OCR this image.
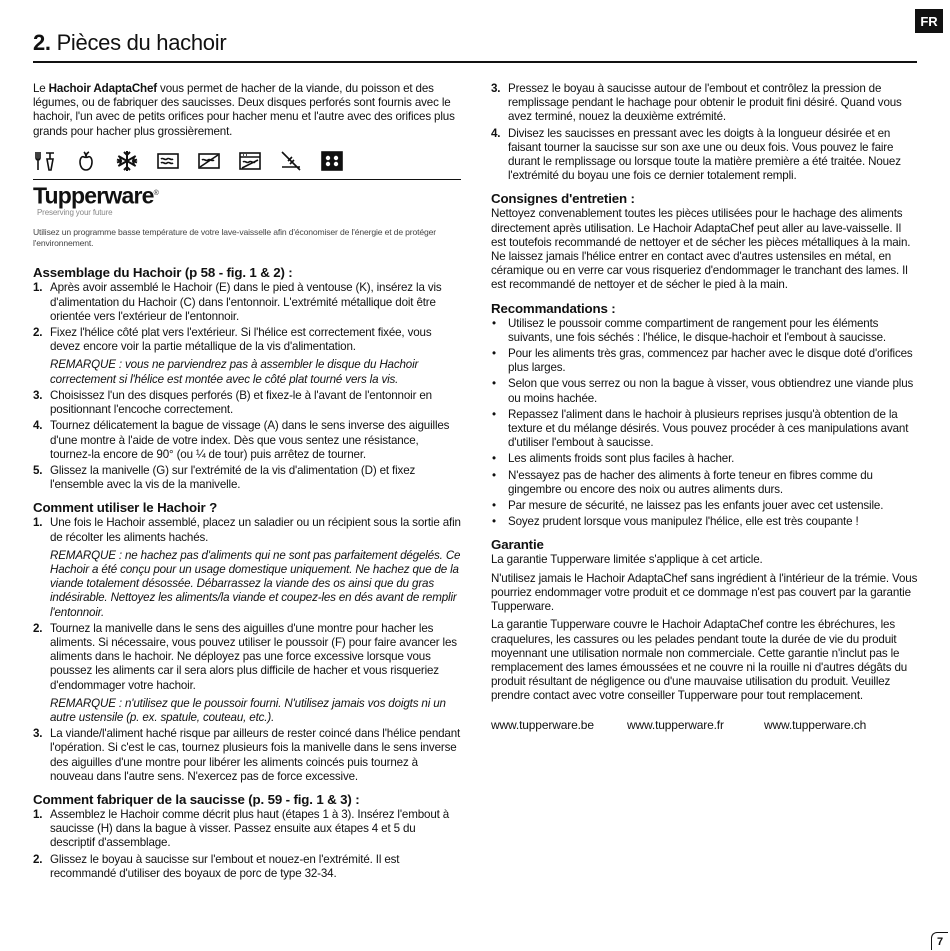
FR
2. Pièces du hachoir

Le Hachoir AdaptaChef vous permet de hacher de la viande, du poisson et des légumes, ou de fabriquer des saucisses. Deux disques perforés sont fournis avec le hachoir, l'un avec de petits orifices pour hacher menu et l'autre avec des orifices plus grands pour hacher plus grossièrement.

Tupperware®
Preserving your future

Utilisez un programme basse température de votre lave-vaisselle afin d'économiser de l'énergie et de protéger l'environnement.

Assemblage du Hachoir (p 58 - fig. 1 & 2) :
1. Après avoir assemblé le Hachoir (E) dans le pied à ventouse (K), insérez la vis d'alimentation du Hachoir (C) dans l'entonnoir. L'extrémité métallique doit être orientée vers l'extérieur de l'entonnoir.
2. Fixez l'hélice côté plat vers l'extérieur. Si l'hélice est correctement fixée, vous devez encore voir la partie métallique de la vis d'alimentation.

REMARQUE : vous ne parviendrez pas à assembler le disque du Hachoir correctement si l'hélice est montée avec le côté plat tourné vers la vis.

3. Choisissez l'un des disques perforés (B) et fixez-le à l'avant de l'entonnoir en positionnant l'encoche correctement.
4. Tournez délicatement la bague de vissage (A) dans le sens inverse des aiguilles d'une montre à l'aide de votre index. Dès que vous sentez une résistance, tournez-la encore de 90° (ou ¼ de tour) puis arrêtez de tourner.
5. Glissez la manivelle (G) sur l'extrémité de la vis d'alimentation (D) et fixez l'ensemble avec la vis de la manivelle.
Comment utiliser le Hachoir ?
1. Une fois le Hachoir assemblé, placez un saladier ou un récipient sous la sortie afin de récolter les aliments hachés.

REMARQUE : ne hachez pas d'aliments qui ne sont pas parfaitement dégelés. Ce Hachoir a été conçu pour un usage domestique uniquement. Ne hachez que de la viande totalement désossée. Débarrassez la viande des os ainsi que du gras indésirable. Nettoyez les aliments/la viande et coupez-les en dés avant de remplir l'entonnoir.

2. Tournez la manivelle dans le sens des aiguilles d'une montre pour hacher les aliments. Si nécessaire, vous pouvez utiliser le poussoir (F) pour faire avancer les aliments dans le hachoir. Ne déployez pas une force excessive lorsque vous poussez les aliments car il sera alors plus difficile de hacher et vous risqueriez d'endommager votre hachoir.

REMARQUE : n'utilisez que le poussoir fourni. N'utilisez jamais vos doigts ni un autre ustensile (p. ex. spatule, couteau, etc.).

3. La viande/l'aliment haché risque par ailleurs de rester coincé dans l'hélice pendant l'opération. Si c'est le cas, tournez plusieurs fois la manivelle dans le sens inverse des aiguilles d'une montre pour libérer les aliments coincés puis tournez à nouveau dans l'autre sens. N'exercez pas de force excessive.
Comment fabriquer de la saucisse (p. 59 - fig. 1 & 3) :
1. Assemblez le Hachoir comme décrit plus haut (étapes 1 à 3). Insérez l'embout à saucisse (H) dans la bague à visser. Passez ensuite aux étapes 4 et 5 du descriptif d'assemblage.
2. Glissez le boyau à saucisse sur l'embout et nouez-en l'extrémité. Il est recommandé d'utiliser des boyaux de porc de type 32-34.
3. Pressez le boyau à saucisse autour de l'embout et contrôlez la pression de remplissage pendant le hachage pour obtenir le produit fini désiré. Quand vous avez terminé, nouez la deuxième extrémité.
4. Divisez les saucisses en pressant avec les doigts à la longueur désirée et en faisant tourner la saucisse sur son axe une ou deux fois. Vous pouvez le faire durant le remplissage ou lorsque toute la matière première a été traitée. Nouez l'extrémité du boyau une fois ce dernier totalement rempli.
Consignes d'entretien :

Nettoyez convenablement toutes les pièces utilisées pour le hachage des aliments directement après utilisation. Le Hachoir AdaptaChef peut aller au lave-vaisselle. Il est toutefois recommandé de nettoyer et de sécher les pièces métalliques à la main. Ne laissez jamais l'hélice entrer en contact avec d'autres ustensiles en métal, en céramique ou en verre car vous risqueriez d'endommager le tranchant des lames. Il est recommandé de nettoyer et de sécher le pied à la main.

Recommandations :
• Utilisez le poussoir comme compartiment de rangement pour les éléments suivants, une fois séchés : l'hélice, le disque-hachoir et l'embout à saucisse.
• Pour les aliments très gras, commencez par hacher avec le disque doté d'orifices plus larges.
• Selon que vous serrez ou non la bague à visser, vous obtiendrez une viande plus ou moins hachée.
• Repassez l'aliment dans le hachoir à plusieurs reprises jusqu'à obtention de la texture et du mélange désirés. Vous pouvez procéder à ces manipulations avant d'utiliser l'embout à saucisse.
• Les aliments froids sont plus faciles à hacher.
• N'essayez pas de hacher des aliments à forte teneur en fibres comme du gingembre ou encore des noix ou autres aliments durs.
• Par mesure de sécurité, ne laissez pas les enfants jouer avec cet ustensile.
• Soyez prudent lorsque vous manipulez l'hélice, elle est très coupante !
Garantie

La garantie Tupperware limitée s'applique à cet article.

N'utilisez jamais le Hachoir AdaptaChef sans ingrédient à l'intérieur de la trémie. Vous pourriez endommager votre produit et ce dommage n'est pas couvert par la garantie Tupperware.

La garantie Tupperware couvre le Hachoir AdaptaChef contre les ébréchures, les craquelures, les cassures ou les pelades pendant toute la durée de vie du produit moyennant une utilisation normale non commerciale. Cette garantie n'inclut pas le remplacement des lames émoussées et ne couvre ni la rouille ni d'autres dégâts du produit résultant de négligence ou d'une mauvaise utilisation du produit. Veuillez prendre contact avec votre conseiller Tupperware pour tout remplacement.

www.tupperware.be	www.tupperware.fr	www.tupperware.ch
7
